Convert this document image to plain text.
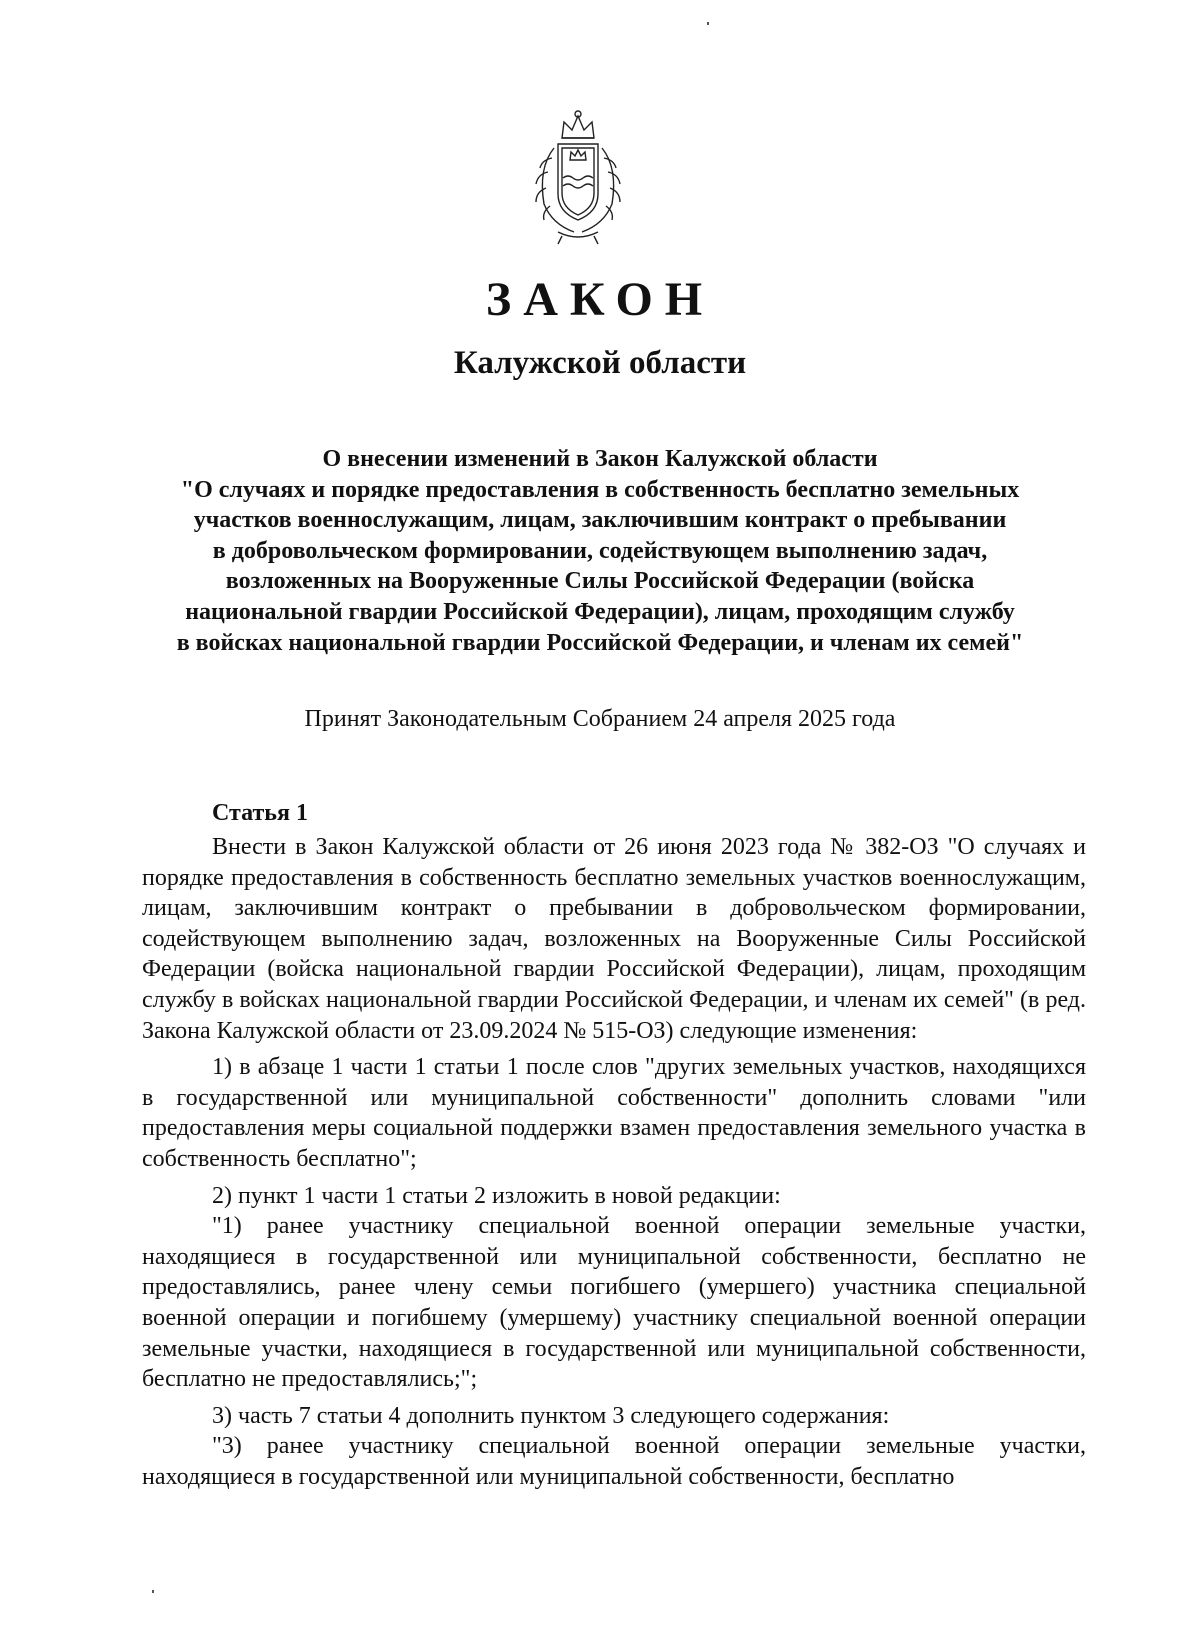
ЗАКОН
Калужской области
О внесении изменений в Закон Калужской области
"О случаях и порядке предоставления в собственность бесплатно земельных
участков военнослужащим, лицам, заключившим контракт о пребывании
в добровольческом формировании, содействующем выполнению задач,
возложенных на Вооруженные Силы Российской Федерации (войска
национальной гвардии Российской Федерации), лицам, проходящим службу
в войсках национальной гвардии Российской Федерации, и членам их семей"
Принят Законодательным Собранием 24 апреля 2025 года
Статья 1

Внести в Закон Калужской области от 26 июня 2023 года № 382-ОЗ "О случаях и порядке предоставления в собственность бесплатно земельных участков военнослужащим, лицам, заключившим контракт о пребывании в добровольческом формировании, содействующем выполнению задач, возложенных на Вооруженные Силы Российской Федерации (войска национальной гвардии Российской Федерации), лицам, проходящим службу в войсках национальной гвардии Российской Федерации, и членам их семей" (в ред. Закона Калужской области от 23.09.2024 № 515-ОЗ) следующие изменения:

1) в абзаце 1 части 1 статьи 1 после слов "других земельных участков, находящихся в государственной или муниципальной собственности" дополнить словами "или предоставления меры социальной поддержки взамен предоставления земельного участка в собственность бесплатно";

2) пункт 1 части 1 статьи 2 изложить в новой редакции:

"1) ранее участнику специальной военной операции земельные участки, находящиеся в государственной или муниципальной собственности, бесплатно не предоставлялись, ранее члену семьи погибшего (умершего) участника специальной военной операции и погибшему (умершему) участнику специальной военной операции земельные участки, находящиеся в государственной или муниципальной собственности, бесплатно не предоставлялись;";

3) часть 7 статьи 4 дополнить пунктом 3 следующего содержания:

"3) ранее участнику специальной военной операции земельные участки, находящиеся в государственной или муниципальной собственности, бесплатно
